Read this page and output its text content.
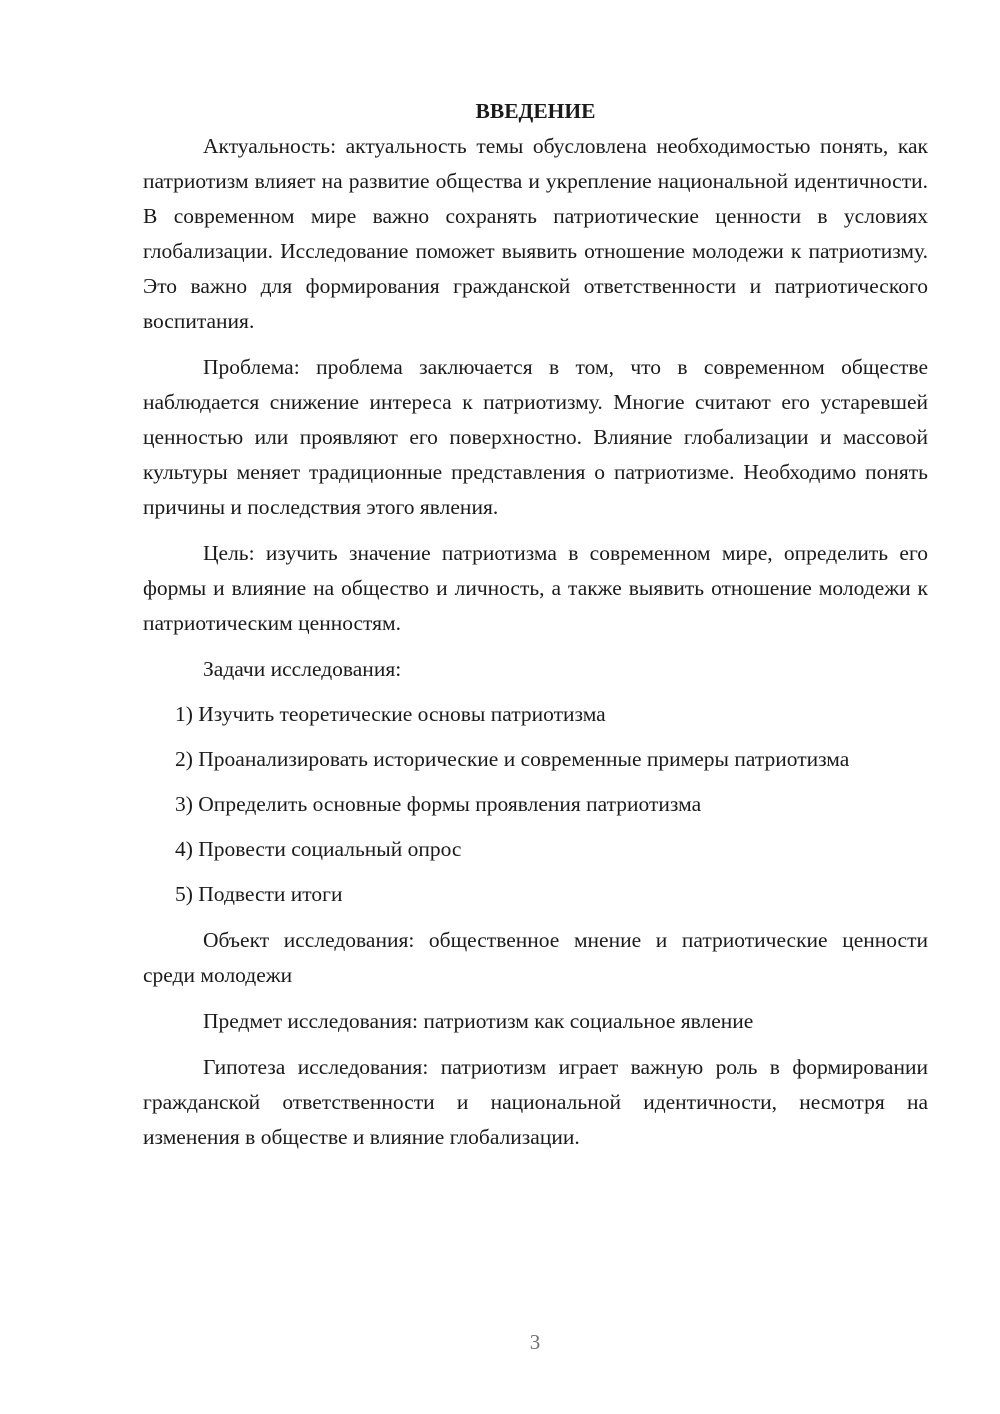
ВВЕДЕНИЕ

Актуальность: актуальность темы обусловлена необходимостью понять, как патриотизм влияет на развитие общества и укрепление национальной идентичности. В современном мире важно сохранять патриотические ценности в условиях глобализации. Исследование поможет выявить отношение молодежи к патриотизму. Это важно для формирования гражданской ответственности и патриотического воспитания.

Проблема: проблема заключается в том, что в современном обществе наблюдается снижение интереса к патриотизму. Многие считают его устаревшей ценностью или проявляют его поверхностно. Влияние глобализации и массовой культуры меняет традиционные представления о патриотизме. Необходимо понять причины и последствия этого явления.

Цель: изучить значение патриотизма в современном мире, определить его формы и влияние на общество и личность, а также выявить отношение молодежи к патриотическим ценностям.

Задачи исследования:

1) Изучить теоретические основы патриотизма

2) Проанализировать исторические и современные примеры патриотизма

3) Определить основные формы проявления патриотизма

4) Провести социальный опрос

5) Подвести итоги

Объект исследования: общественное мнение и патриотические ценности среди молодежи

Предмет исследования: патриотизм как социальное явление

Гипотеза исследования: патриотизм играет важную роль в формировании гражданской ответственности и национальной идентичности, несмотря на изменения в обществе и влияние глобализации.

3
